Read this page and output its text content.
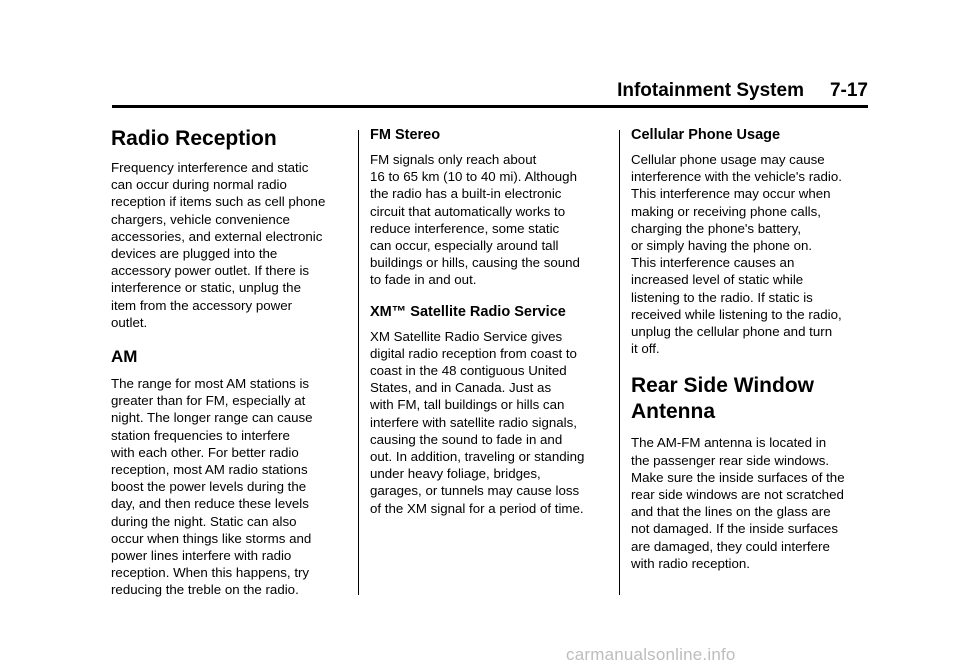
Infotainment System 7-17
Radio Reception

Frequency interference and static
can occur during normal radio
reception if items such as cell phone
chargers, vehicle convenience
accessories, and external electronic
devices are plugged into the
accessory power outlet. If there is
interference or static, unplug the
item from the accessory power
outlet.

AM

The range for most AM stations is
greater than for FM, especially at
night. The longer range can cause
station frequencies to interfere
with each other. For better radio
reception, most AM radio stations
boost the power levels during the
day, and then reduce these levels
during the night. Static can also
occur when things like storms and
power lines interfere with radio
reception. When this happens, try
reducing the treble on the radio.

FM Stereo

FM signals only reach about
16 to 65 km (10 to 40 mi). Although
the radio has a built-in electronic
circuit that automatically works to
reduce interference, some static
can occur, especially around tall
buildings or hills, causing the sound
to fade in and out.

XM™ Satellite Radio Service

XM Satellite Radio Service gives
digital radio reception from coast to
coast in the 48 contiguous United
States, and in Canada. Just as
with FM, tall buildings or hills can
interfere with satellite radio signals,
causing the sound to fade in and
out. In addition, traveling or standing
under heavy foliage, bridges,
garages, or tunnels may cause loss
of the XM signal for a period of time.

Cellular Phone Usage

Cellular phone usage may cause
interference with the vehicle's radio.
This interference may occur when
making or receiving phone calls,
charging the phone's battery,
or simply having the phone on.
This interference causes an
increased level of static while
listening to the radio. If static is
received while listening to the radio,
unplug the cellular phone and turn
it off.

Rear Side Window
Antenna

The AM-FM antenna is located in
the passenger rear side windows.
Make sure the inside surfaces of the
rear side windows are not scratched
and that the lines on the glass are
not damaged. If the inside surfaces
are damaged, they could interfere
with radio reception.

carmanualsonline.info
